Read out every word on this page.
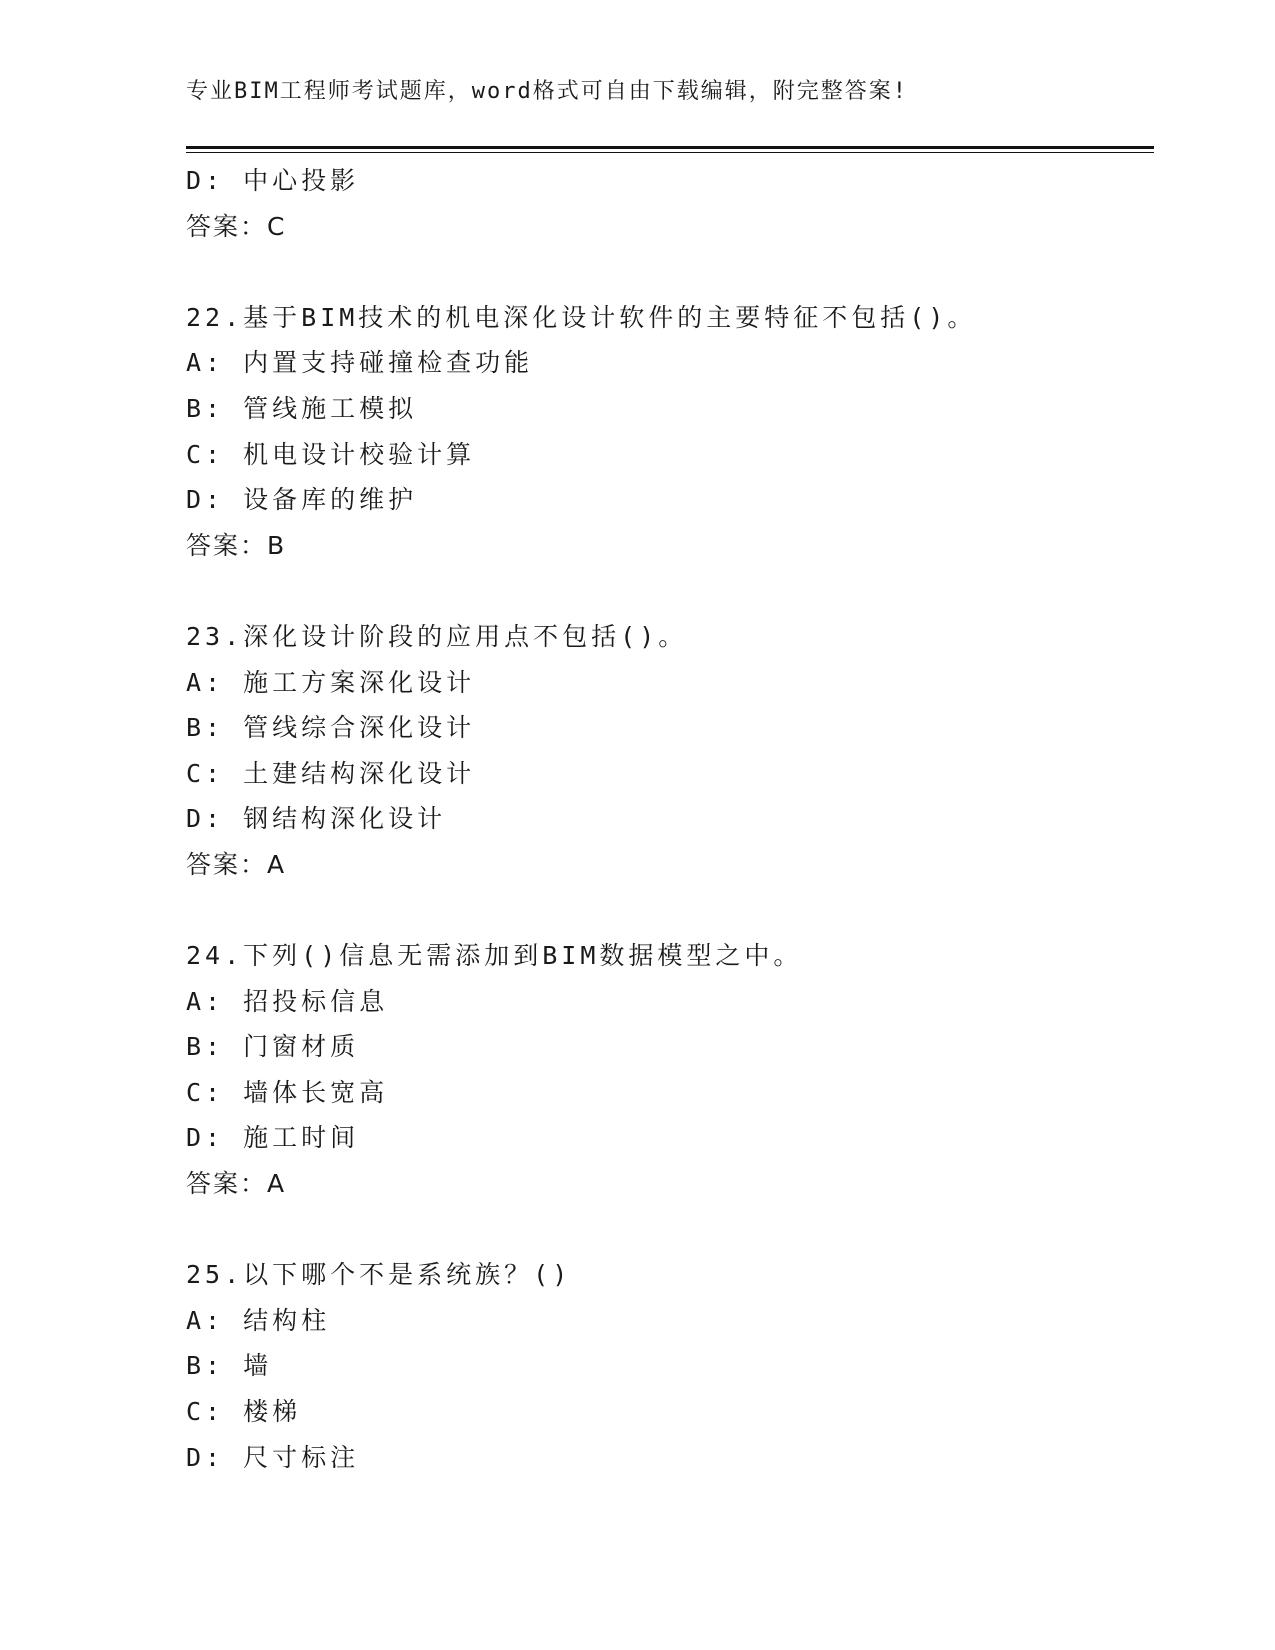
专业BIM工程师考试题库，word格式可自由下载编辑，附完整答案!
D: 中心投影
答案：C
22.基于BIM技术的机电深化设计软件的主要特征不包括()。
A: 内置支持碰撞检查功能
B: 管线施工模拟
C: 机电设计校验计算
D: 设备库的维护
答案：B
23.深化设计阶段的应用点不包括()。
A: 施工方案深化设计
B: 管线综合深化设计
C: 土建结构深化设计
D: 钢结构深化设计
答案：A
24.下列()信息无需添加到BIM数据模型之中。
A: 招投标信息
B: 门窗材质
C: 墙体长宽高
D: 施工时间
答案：A
25.以下哪个不是系统族？()
A: 结构柱
B: 墙
C: 楼梯
D: 尺寸标注
